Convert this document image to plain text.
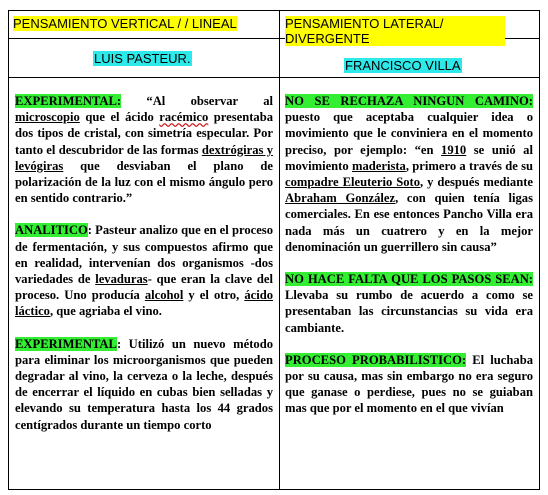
PENSAMIENTO VERTICAL / / LINEAL
LUIS PASTEUR.

EXPERIMENTAL: “Al observar al microscopio que el ácido racémico presentaba dos tipos de cristal, con simetría especular. Por tanto el descubridor de las formas dextrógiras y levógiras que desviaban el plano de polarización de la luz con el mismo ángulo pero en sentido contrario.”

ANALITICO: Pasteur analizo que en el proceso de fermentación, y sus compuestos afirmo que en realidad, intervenían dos organismos -dos variedades de levaduras- que eran la clave del proceso. Uno producía alcohol y el otro, ácido láctico, que agriaba el vino.

EXPERIMENTAL: Utilizó un nuevo método para eliminar los microorganismos que pueden degradar al vino, la cerveza o la leche, después de encerrar el líquido en cubas bien selladas y elevando su temperatura hasta los 44 grados centígrados durante un tiempo corto

PENSAMIENTO LATERAL/ DIVERGENTE
FRANCISCO VILLA

NO SE RECHAZA NINGUN CAMINO: puesto que aceptaba cualquier idea o movimiento que le conviniera en el momento preciso, por ejemplo: “en 1910 se unió al movimiento maderista, primero a través de su compadre Eleuterio Soto, y después mediante Abraham González, con quien tenía ligas comerciales. En ese entonces Pancho Villa era nada más un cuatrero y en la mejor denominación un guerrillero sin causa”

NO HACE FALTA QUE LOS PASOS SEAN: Llevaba su rumbo de acuerdo a como se presentaban las circunstancias su vida era cambiante.

PROCESO PROBABILISTICO: El luchaba por su causa, mas sin embargo no era seguro que ganase o perdiese, pues no se guiaban mas que por el momento en el que vivían
